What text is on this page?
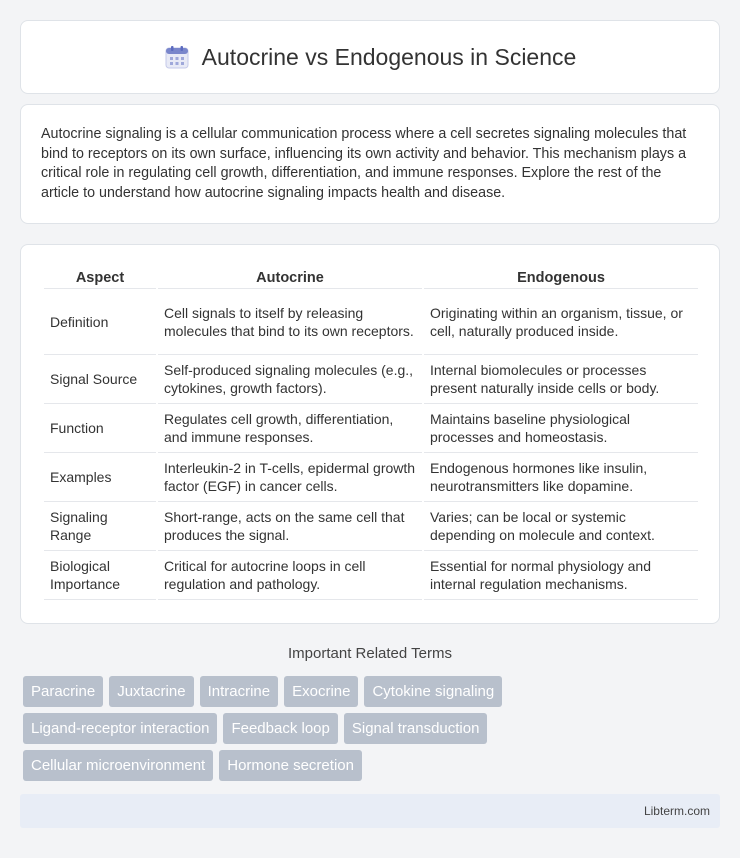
Autocrine vs Endogenous in Science

Autocrine signaling is a cellular communication process where a cell secretes signaling molecules that bind to receptors on its own surface, influencing its own activity and behavior. This mechanism plays a critical role in regulating cell growth, differentiation, and immune responses. Explore the rest of the article to understand how autocrine signaling impacts health and disease.

Aspect	Autocrine	Endogenous
Definition	Cell signals to itself by releasing molecules that bind to its own receptors.	Originating within an organism, tissue, or cell, naturally produced inside.
Signal Source	Self-produced signaling molecules (e.g., cytokines, growth factors).	Internal biomolecules or processes present naturally inside cells or body.
Function	Regulates cell growth, differentiation, and immune responses.	Maintains baseline physiological processes and homeostasis.
Examples	Interleukin-2 in T-cells, epidermal growth factor (EGF) in cancer cells.	Endogenous hormones like insulin, neurotransmitters like dopamine.
Signaling Range	Short-range, acts on the same cell that produces the signal.	Varies; can be local or systemic depending on molecule and context.
Biological Importance	Critical for autocrine loops in cell regulation and pathology.	Essential for normal physiology and internal regulation mechanisms.
Important Related Terms
Paracrine	Juxtacrine	Intracrine	Exocrine	Cytokine signaling
Ligand-receptor interaction	Feedback loop	Signal transduction
Cellular microenvironment	Hormone secretion
Libterm.com
